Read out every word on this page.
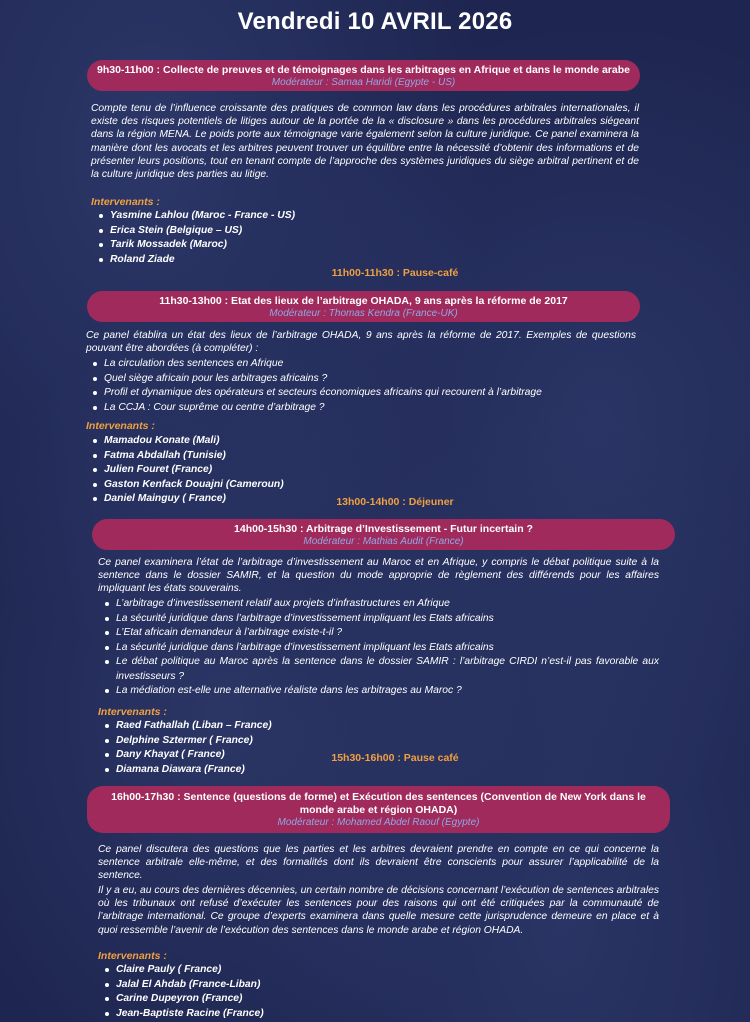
Vendredi 10 AVRIL 2026
9h30-11h00 : Collecte de preuves et de témoignages dans les arbitrages en Afrique et dans le monde arabe
Modérateur : Samaa Haridi (Egypte - US)

Compte tenu de l’influence croissante des pratiques de common law dans les procédures arbitrales internationales, il existe des risques potentiels de litiges autour de la portée de la « disclosure » dans les procédures arbitrales siégeant dans la région MENA. Le poids porte aux témoignage varie également selon la culture juridique. Ce panel examinera la manière dont les avocats et les arbitres peuvent trouver un équilibre entre la nécessité d’obtenir des informations et de présenter leurs positions, tout en tenant compte de l’approche des systèmes juridiques du siège arbitral pertinent et de la culture juridique des parties au litige.

Intervenants :
Yasmine Lahlou (Maroc - France - US)
Erica Stein (Belgique – US)
Tarik Mossadek (Maroc)
Roland Ziade
11h00-11h30 : Pause-café
11h30-13h00 : Etat des lieux de l’arbitrage OHADA, 9 ans après la réforme de 2017
Modérateur : Thomas Kendra (France-UK)

Ce panel établira un état des lieux de l’arbitrage OHADA, 9 ans après la réforme de 2017. Exemples de questions pouvant être abordées (à compléter) :

La circulation des sentences en Afrique
Quel siège africain pour les arbitrages africains ?
Profil et dynamique des opérateurs et secteurs économiques africains qui recourent à l’arbitrage
La CCJA : Cour suprême ou centre d’arbitrage ?
Intervenants :
Mamadou Konate (Mali)
Fatma Abdallah (Tunisie)
Julien Fouret (France)
Gaston Kenfack Douajni (Cameroun)
Daniel Mainguy ( France)	13h00-14h00 : Déjeuner
14h00-15h30 : Arbitrage d’Investissement - Futur incertain ?
Modérateur : Mathias Audit (France)

Ce panel examinera l’état de l’arbitrage d’investissement au Maroc et en Afrique, y compris le débat politique suite à la sentence dans le dossier SAMIR, et la question du mode approprie de règlement des différends pour les affaires impliquant les états souverains.

L’arbitrage d’investissement relatif aux projets d’infrastructures en Afrique
La sécurité juridique dans l’arbitrage d’investissement impliquant les Etats africains
L’Etat africain demandeur à l’arbitrage existe-t-il ?
La sécurité juridique dans l’arbitrage d’investissement impliquant les Etats africains
Le débat politique au Maroc après la sentence dans le dossier SAMIR : l’arbitrage CIRDI n’est-il pas favorable aux investisseurs ?
La médiation est-elle une alternative réaliste dans les arbitrages au Maroc ?
Intervenants :
Raed Fathallah (Liban – France)
Delphine Sztermer ( France)
Dany Khayat ( France)
Diamana Diawara (France)
15h30-16h00 : Pause café
16h00-17h30 : Sentence (questions de forme) et Exécution des sentences (Convention de New York dans le monde arabe et région OHADA)
Modérateur : Mohamed Abdel Raouf (Egypte)

Ce panel discutera des questions que les parties et les arbitres devraient prendre en compte en ce qui concerne la sentence arbitrale elle-même, et des formalités dont ils devraient être conscients pour assurer l’applicabilité de la sentence.

Il y a eu, au cours des dernières décennies, un certain nombre de décisions concernant l’exécution de sentences arbitrales où les tribunaux ont refusé d’exécuter les sentences pour des raisons qui ont été critiquées par la communauté de l’arbitrage international. Ce groupe d’experts examinera dans quelle mesure cette jurisprudence demeure en place et à quoi ressemble l’avenir de l’exécution des sentences dans le monde arabe et région OHADA.

Intervenants :
Claire Pauly ( France)
Jalal El Ahdab (France-Liban)
Carine Dupeyron (France)
Jean-Baptiste Racine (France)
